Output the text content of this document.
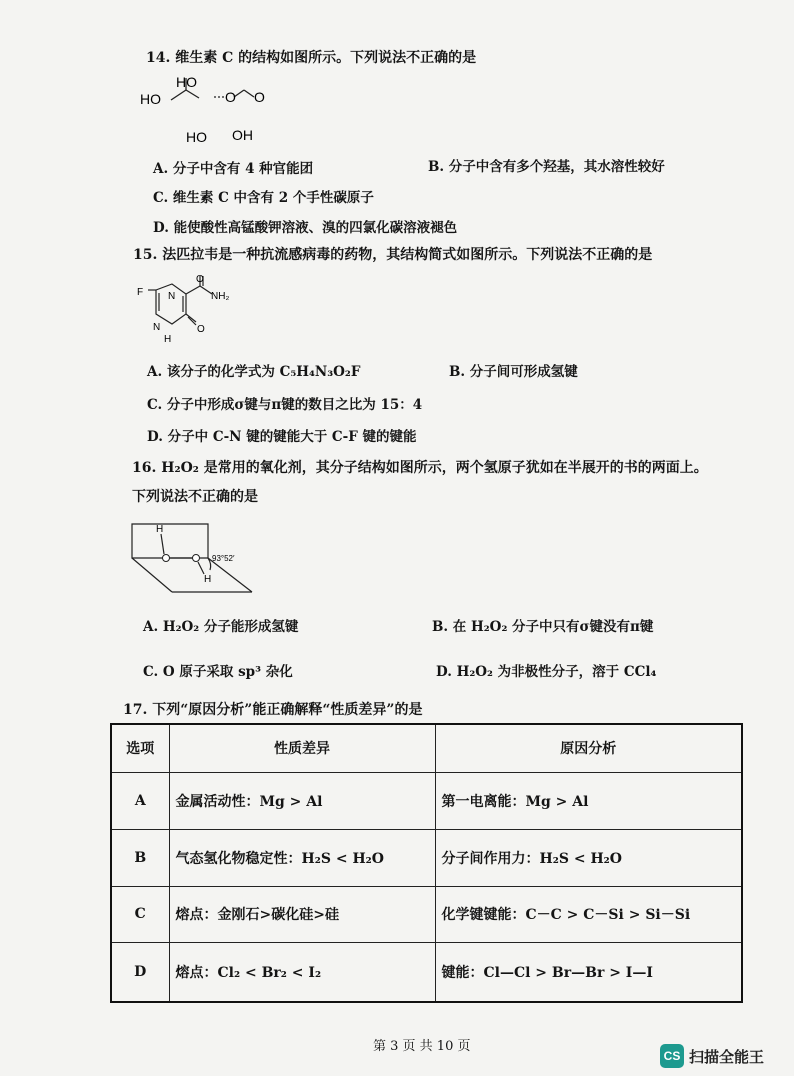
14. 维生素 C 的结构如图所示。下列说法不正确的是
HO
HO	O O
HO OH
A. 分子中含有 4 种官能团	B. 分子中含有多个羟基，其水溶性较好
C. 维生素 C 中含有 2 个手性碳原子
D. 能使酸性高锰酸钾溶液、溴的四氯化碳溶液褪色
15. 法匹拉韦是一种抗流感病毒的药物，其结构简式如图所示。下列说法不正确的是
F N
O
NH₂
O
N
H
A. 该分子的化学式为 C₅H₄N₃O₂F	B. 分子间可形成氢键
C. 分子中形成σ键与π键的数目之比为 15：4
D. 分子中 C-N 键的键能大于 C-F 键的键能
16. H₂O₂ 是常用的氧化剂，其分子结构如图所示，两个氢原子犹如在半展开的书的两面上。
下列说法不正确的是
H
H
93°52′
A. H₂O₂ 分子能形成氢键	B. 在 H₂O₂ 分子中只有σ键没有π键
C. O 原子采取 sp³ 杂化	D. H₂O₂ 为非极性分子，溶于 CCl₄
17. 下列“原因分析”能正确解释“性质差异”的是
选项	性质差异	原因分析
A	金属活动性：Mg > Al	第一电离能：Mg > Al
B	气态氢化物稳定性：H₂S < H₂O	分子间作用力：H₂S < H₂O
C	熔点：金刚石>碳化硅>硅	化学键键能：C－C > C－Si > Si－Si
D	熔点：Cl₂ < Br₂ < I₂	键能：Cl—Cl > Br—Br > I—I
第 3 页 共 10 页
CS 扫描全能王
